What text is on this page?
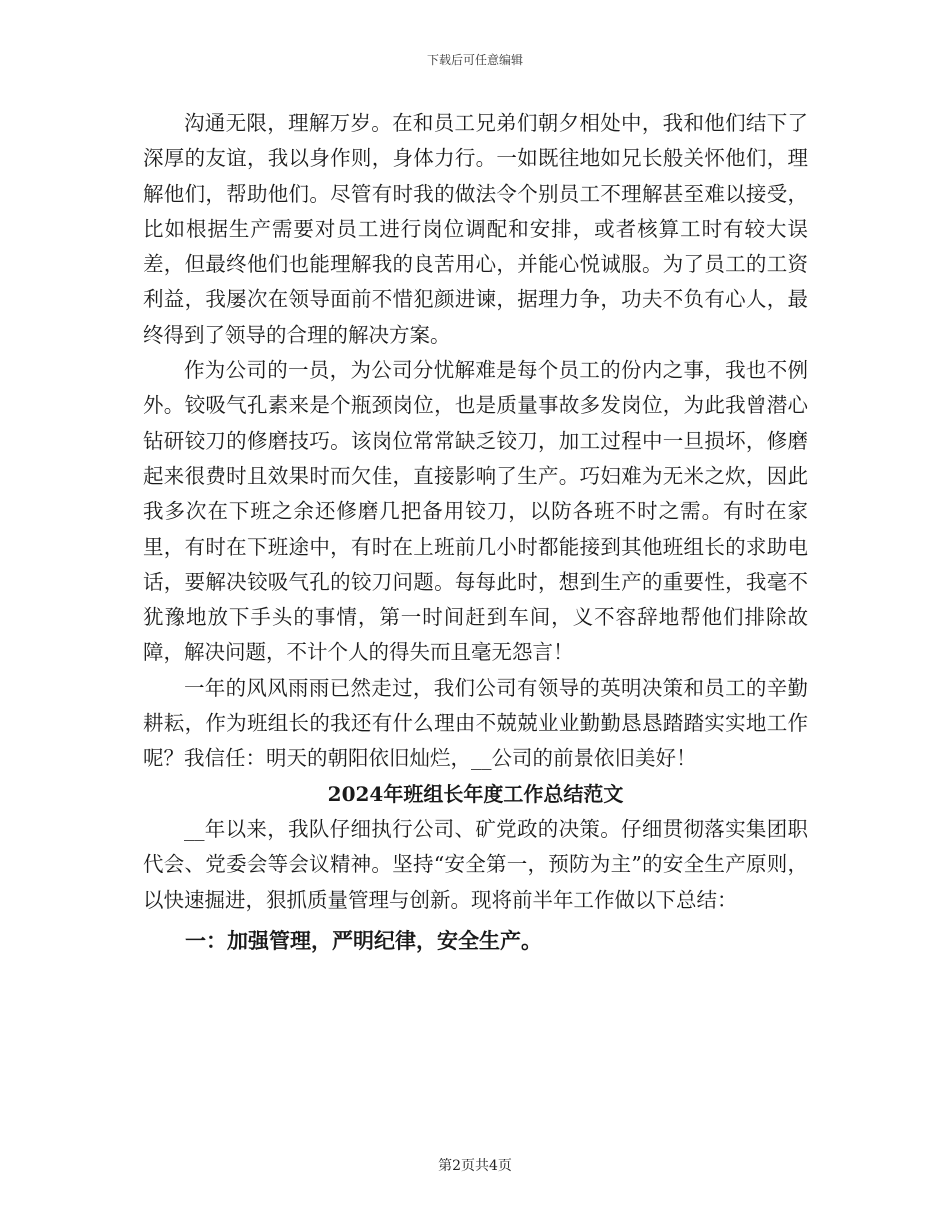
下载后可任意编辑

沟通无限，理解万岁。在和员工兄弟们朝夕相处中，我和他们结下了深厚的友谊，我以身作则，身体力行。一如既往地如兄长般关怀他们，理解他们，帮助他们。尽管有时我的做法令个别员工不理解甚至难以接受，比如根据生产需要对员工进行岗位调配和安排，或者核算工时有较大误差，但最终他们也能理解我的良苦用心，并能心悦诚服。为了员工的工资利益，我屡次在领导面前不惜犯颜进谏，据理力争，功夫不负有心人，最终得到了领导的合理的解决方案。

作为公司的一员，为公司分忧解难是每个员工的份内之事，我也不例外。铰吸气孔素来是个瓶颈岗位，也是质量事故多发岗位，为此我曾潜心钻研铰刀的修磨技巧。该岗位常常缺乏铰刀，加工过程中一旦损坏，修磨起来很费时且效果时而欠佳，直接影响了生产。巧妇难为无米之炊，因此我多次在下班之余还修磨几把备用铰刀，以防各班不时之需。有时在家里，有时在下班途中，有时在上班前几小时都能接到其他班组长的求助电话，要解决铰吸气孔的铰刀问题。每每此时，想到生产的重要性，我毫不犹豫地放下手头的事情，第一时间赶到车间，义不容辞地帮他们排除故障，解决问题，不计个人的得失而且毫无怨言！

一年的风风雨雨已然走过，我们公司有领导的英明决策和员工的辛勤耕耘，作为班组长的我还有什么理由不兢兢业业勤勤恳恳踏踏实实地工作呢？我信任：明天的朝阳依旧灿烂，__公司的前景依旧美好！

2024年班组长年度工作总结范文

__年以来，我队仔细执行公司、矿党政的决策。仔细贯彻落实集团职代会、党委会等会议精神。坚持“安全第一，预防为主”的安全生产原则，以快速掘进，狠抓质量管理与创新。现将前半年工作做以下总结：

一：加强管理，严明纪律，安全生产。

第2页共4页
